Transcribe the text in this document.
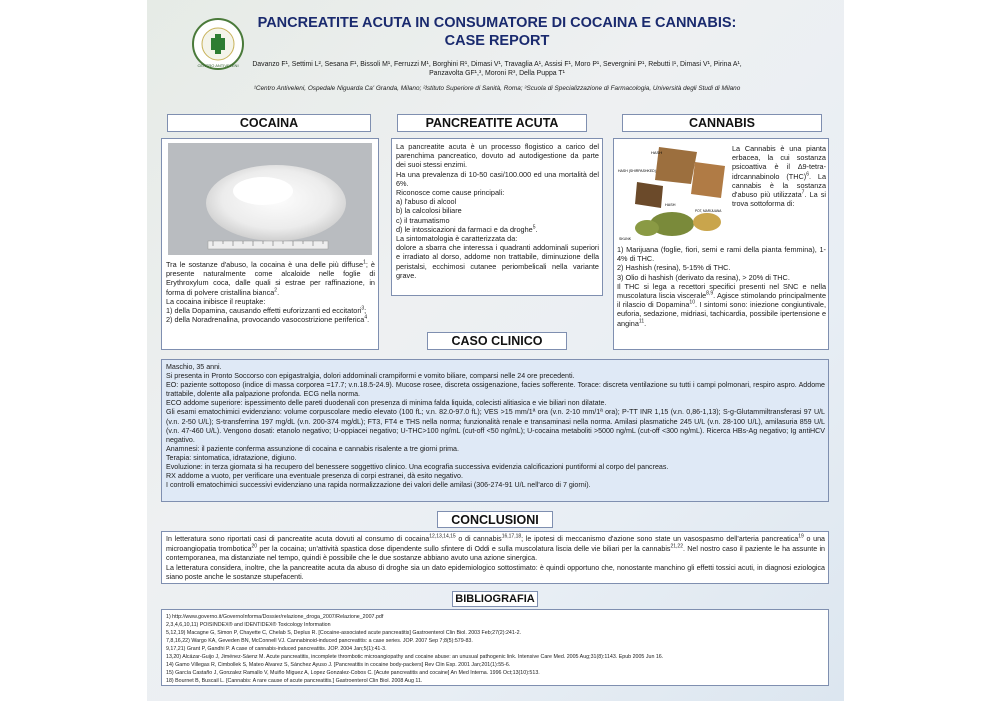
CENTRO ANTIVELENI
PANCREATITE ACUTA IN CONSUMATORE DI COCAINA E CANNABIS:
CASE REPORT
Davanzo F¹, Settimi L², Sesana F¹, Bissoli M¹, Ferruzzi M¹, Borghini R¹, Dimasi V¹, Travaglia A¹, Assisi F¹, Moro P¹, Severgnini P¹, Rebutti I¹, Dimasi V¹, Pirina A¹,
Panzavolta GF¹,³, Moroni R³, Della Puppa T¹
¹Centro Antiveleni, Ospedale Niguarda Ca' Granda, Milano; ²Istituto Superiore di Sanità, Roma; ³Scuola di Specializzazione di Farmacologia, Università degli Studi di Milano
COCAINA
Tra le sostanze d'abuso, la cocaina è una delle più diffuse$^1$; è presente naturalmente come alcaloide nelle foglie di Erythroxylum coca, dalle quali si estrae per raffinazione, in forma di polvere cristallina bianca$^2$.
La cocaina inibisce il reuptake:
1) della Dopamina, causando effetti euforizzanti ed eccitatori$^3$;
2) della Noradrenalina, provocando vasocostrizione periferica$^4$.
PANCREATITE ACUTA
La pancreatite acuta è un processo flogistico a carico del parenchima pancreatico, dovuto ad autodigestione da parte dei suoi stessi enzimi.
Ha una prevalenza di 10-50 casi/100.000 ed una mortalità del 6%.
Riconosce come cause principali:
a) l'abuso di alcool
b) la calcolosi biliare
c) il traumatismo
d) le intossicazioni da farmaci e da droghe$^5$.
La sintomatologia è caratterizzata da:
dolore a sbarra che interessa i quadranti addominali superiori e irradiato al dorso, addome non trattabile, diminuzione della peristalsi, ecchimosi cutanee periombelicali nella variante grave.
CASO CLINICO
CANNABIS
HASH
HASH (SHIRPASHKED)
HASH
POT, MARIJUANA
SKUNK
La Cannabis è una pianta erbacea, la cui sostanza psicoattiva è il ∆9-tetra-idrcannabinolo (THC)$^6$. La cannabis è la sostanza d'abuso più utilizzata$^7$. La si trova sottoforma di:
1) Marijuana (foglie, fiori, semi e rami della pianta femmina), 1-4% di THC.
2) Hashish (resina), 5-15% di THC.
3) Olio di hashish (derivato da resina), > 20% di THC.
Il THC si lega a recettori specifici presenti nel SNC e nella muscolatura liscia viscerale$^{8,9}$. Agisce stimolando principalmente il rilascio di Dopamina$^{10}$. I sintomi sono: iniezione congiuntivale, euforia, sedazione, midriasi, tachicardia, possibile ipertensione e angina$^{11}$.
Maschio, 35 anni.
Si presenta in Pronto Soccorso con epigastralgia, dolori addominali crampiformi e vomito biliare, comparsi nelle 24 ore precedenti.
EO: paziente sottoposo (indice di massa corporea =17.7; v.n.18.5-24.9). Mucose rosee, discreta ossigenazione, facies sofferente. Torace: discreta ventilazione su tutti i campi polmonari, respiro aspro. Addome trattabile, dolente alla palpazione profonda. ECG nella norma.
ECO addome superiore: ispessimento delle pareti duodenali con presenza di minima falda liquida, colecisti alitiasica e vie biliari non dilatate.
Gli esami ematochimici evidenziano: volume corpuscolare medio elevato (100 fL; v.n. 82.0-97.0 fL); VES >15 mm/1ª ora (v.n. 2-10 mm/1ª ora); P-TT INR 1,15 (v.n. 0,86-1,13); S-g-Glutammiltransferasi 97 U/L (v.n. 2-50 U/L); S-transferrina 197 mg/dL (v.n. 200-374 mg/dL); FT3, FT4 e THS nella norma; funzionalità renale e transaminasi nella norma. Amilasi plasmatiche 245 U/L (v.n. 28-100 U/L), amilasuria 859 U/L (v.n. 47-460 U/L). Vengono dosati: etanolo negativo; U-oppiacei negativo; U-THC>100 ng/mL (cut-off <50 ng/mL); U-cocaina metaboliti >5000 ng/mL (cut-off <300 ng/mL). Ricerca HBs-Ag negativo; Ig antiHCV negativo.
Anamnesi: il paziente conferma assunzione di cocaina e cannabis risalente a tre giorni prima.
Terapia: sintomatica, idratazione, digiuno.
Evoluzione: in terza giornata si ha recupero del benessere soggettivo clinico. Una ecografia successiva evidenzia calcificazioni puntiformi al corpo del pancreas.
RX addome a vuoto, per verificare una eventuale presenza di corpi estranei, dà esito negativo.
I controlli ematochimici successivi evidenziano una rapida normalizzazione dei valori delle amilasi (306-274-91 U/L nell'arco di 7 giorni).
CONCLUSIONI
In letteratura sono riportati casi di pancreatite acuta dovuti al consumo di cocaina$^{12,13,14,15}$ o di cannabis$^{16,17,18}$; le ipotesi di meccanismo d'azione sono state un vasospasmo dell'arteria pancreatica$^{19}$ o una microangiopatia trombotica$^{20}$ per la cocaina; un'attività spastica dose dipendente sullo sfintere di Oddi e sulla muscolatura liscia delle vie biliari per la cannabis$^{21,22}$. Nel nostro caso il paziente le ha assunte in contemporanea, ma distanziate nel tempo, quindi è possibile che le due sostanze abbiano avuto una azione sinergica.
La letteratura considera, inoltre, che la pancreatite acuta da abuso di droghe sia un dato epidemiologico sottostimato: è quindi opportuno che, nonostante manchino gli effetti tossici acuti, in diagnosi eziologica siano poste anche le sostanze stupefacenti.
BIBLIOGRAFIA
1) http://www.governo.it/GovernoInforma/Dossier/relazione_droga_2007/Relazione_2007.pdf
2,3,4,6,10,11) POISINDEX® and IDENTIDEX® Toxicology Information
5,12,19) Macagne G, Simon P, Chayette C, Chelab S, Deplus R. [Cocaine-associated acute pancreatitis] Gastroenterol Clin Biol. 2003 Feb;27(2):241-2.
7,8,16,22) Wargo KA, Geveden BN, McConnell VJ. Cannabinoid-induced pancreatitis: a case series. JOP. 2007 Sep 7;8(5):579-83.
9,17,21) Grant P, Gandhi P. A case of cannabis-induced pancreatitis. JOP. 2004 Jan;5(1):41-3.
13,20) Alcázar-Guijo J, Jiménez-Sáenz M. Acute pancreatitis, incomplete thrombotic microangiopathy and cocaine abuse: an unusual pathogenic link. Intensive Care Med. 2005 Aug;31(8):1143. Epub 2005 Jun 16.
14) Gamo Villegas R, Cimbollek S, Mateo Alvarez S, Sánchez Ayuso J. [Pancreatitis in cocaine body-packers] Rev Clin Esp. 2001 Jan;201(1):55-6.
15) García Castaño J, Gonzalez Ramallo V, Muiño Miguez A, Lopez Gonzalez-Cobos C. [Acute pancreatitis and cocaine] An Med Interna. 1996 Oct;13(10):513.
18) Bournet B, Buscail L. [Cannabis: A rare cause of acute pancreatitis.] Gastroenterol Clin Biol. 2008 Aug 11.
